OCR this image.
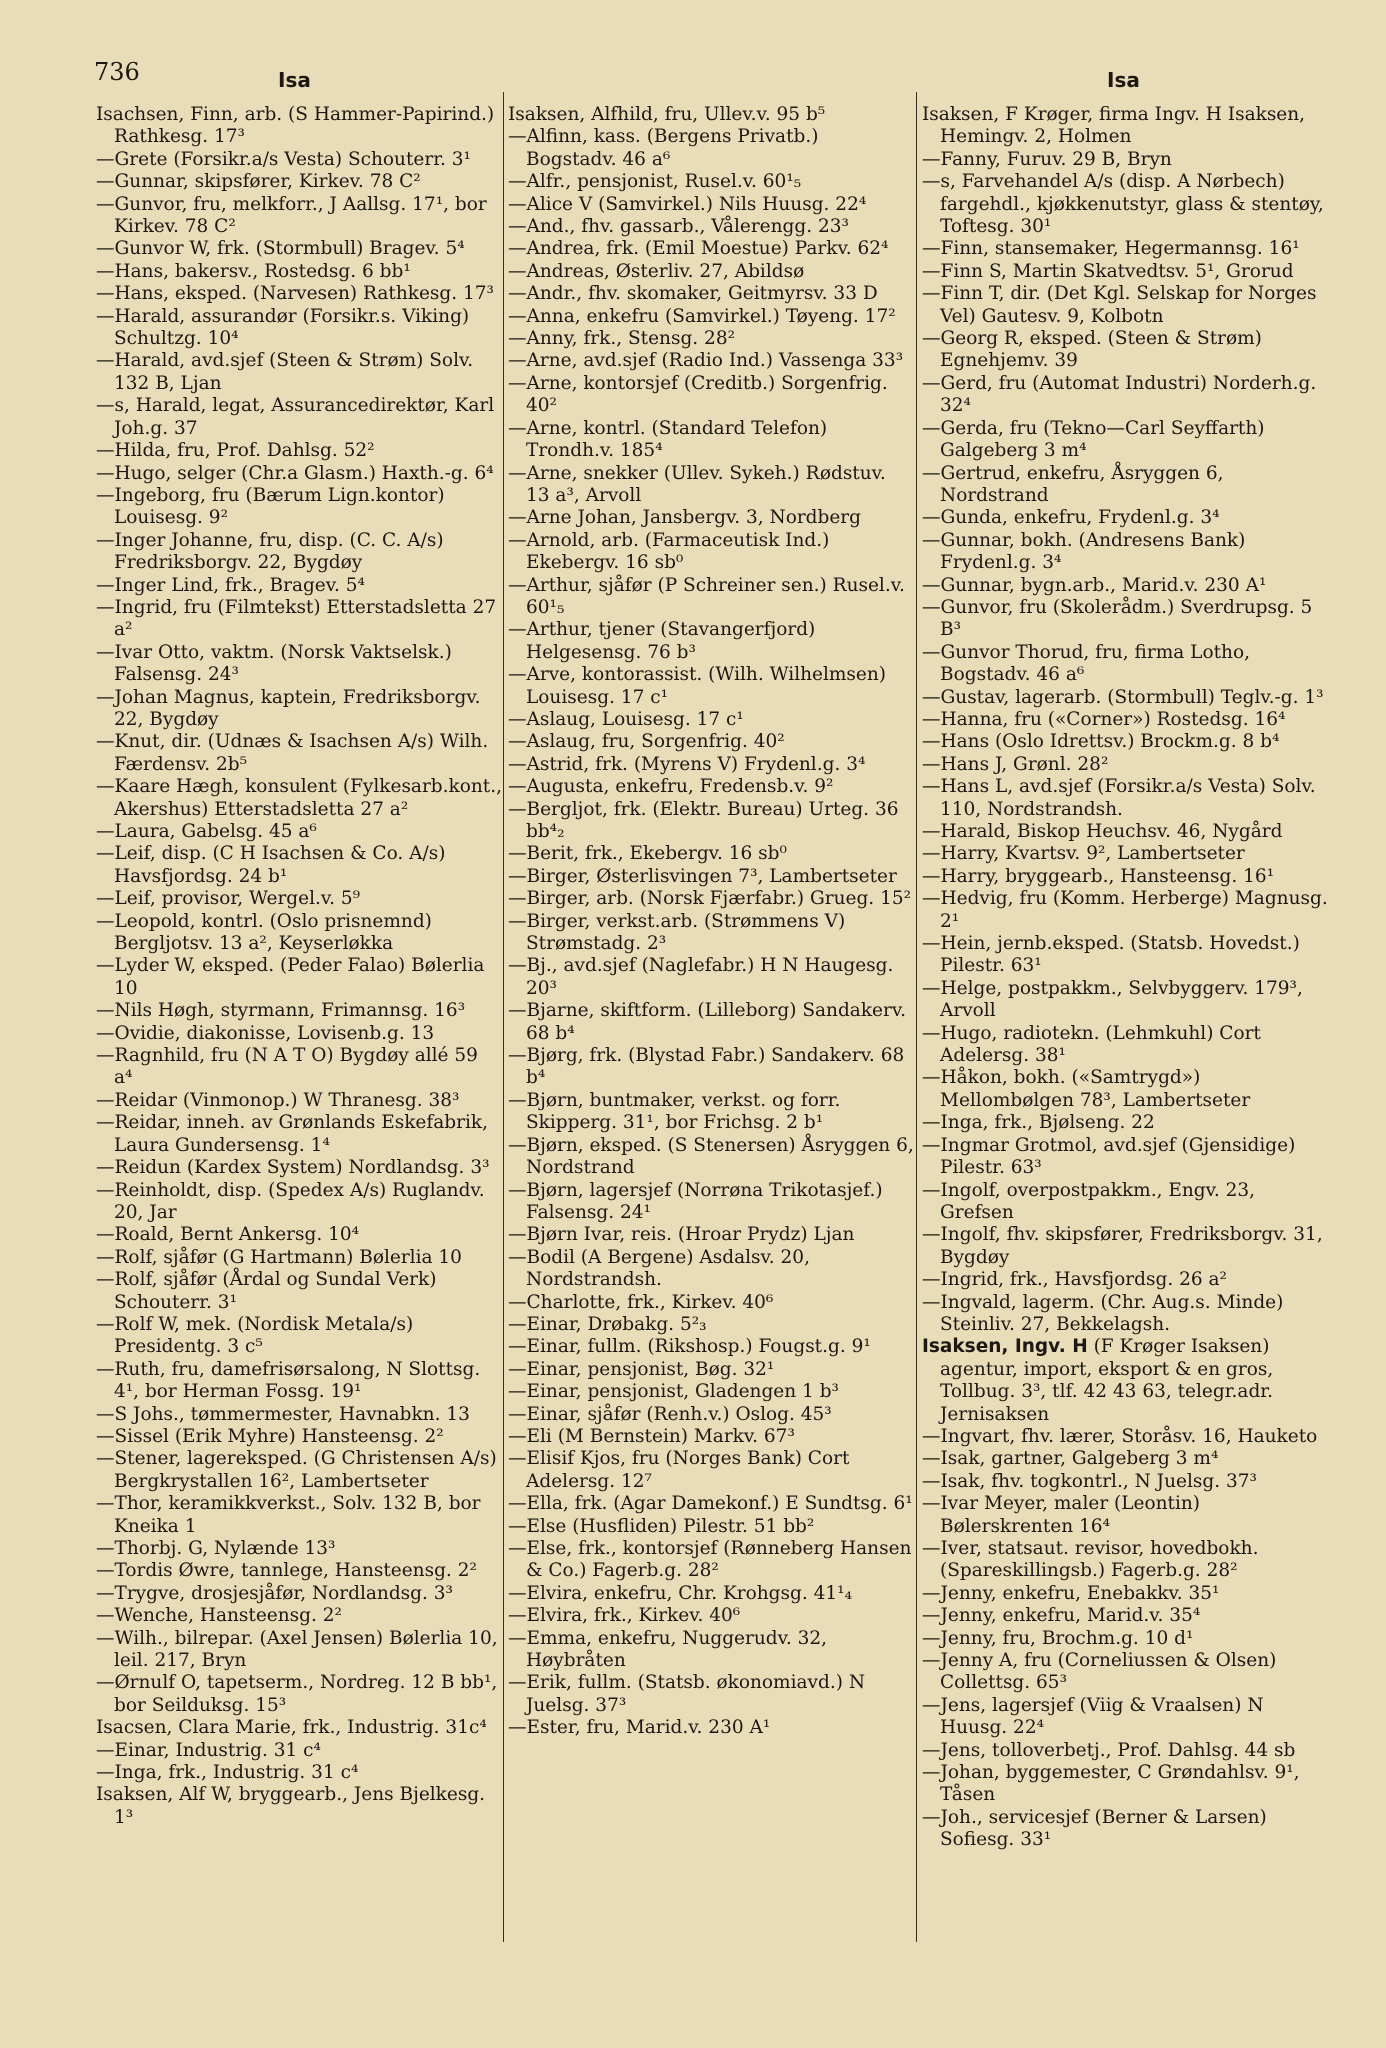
736	Isa	Isa

Isachsen, Finn, arb. (S Hammer-Papirind.) Rathkesg. 17³

—Grete (Forsikr.a/s Vesta) Schouterr. 3¹

—Gunnar, skipsfører, Kirkev. 78 C²

—Gunvor, fru, melkforr., J Aallsg. 17¹, bor Kirkev. 78 C²

—Gunvor W, frk. (Stormbull) Bragev. 5⁴

—Hans, bakersv., Rostedsg. 6 bb¹

—Hans, eksped. (Narvesen) Rathkesg. 17³

—Harald, assurandør (Forsikr.s. Viking) Schultzg. 10⁴

—Harald, avd.sjef (Steen & Strøm) Solv. 132 B, Ljan

—s, Harald, legat, Assurancedirektør, Karl Joh.g. 37

—Hilda, fru, Prof. Dahlsg. 52²

—Hugo, selger (Chr.a Glasm.) Haxth.-g. 6⁴

—Ingeborg, fru (Bærum Lign.kontor) Louisesg. 9²

—Inger Johanne, fru, disp. (C. C. A/s) Fredriksborgv. 22, Bygdøy

—Inger Lind, frk., Bragev. 5⁴

—Ingrid, fru (Filmtekst) Etterstadsletta 27 a²

—Ivar Otto, vaktm. (Norsk Vaktselsk.) Falsensg. 24³

—Johan Magnus, kaptein, Fredriksborgv. 22, Bygdøy

—Knut, dir. (Udnæs & Isachsen A/s) Wilh. Færdensv. 2b⁵

—Kaare Hægh, konsulent (Fylkesarb.kont., Akershus) Etterstadsletta 27 a²

—Laura, Gabelsg. 45 a⁶

—Leif, disp. (C H Isachsen & Co. A/s) Havsfjordsg. 24 b¹

—Leif, provisor, Wergel.v. 5⁹

—Leopold, kontrl. (Oslo prisnemnd) Bergljotsv. 13 a², Keyserløkka

—Lyder W, eksped. (Peder Falao) Bølerlia 10

—Nils Høgh, styrmann, Frimannsg. 16³

—Ovidie, diakonisse, Lovisenb.g. 13

—Ragnhild, fru (N A T O) Bygdøy allé 59 a⁴

—Reidar (Vinmonop.) W Thranesg. 38³

—Reidar, inneh. av Grønlands Eskefabrik, Laura Gundersensg. 1⁴

—Reidun (Kardex System) Nordlandsg. 3³

—Reinholdt, disp. (Spedex A/s) Ruglandv. 20, Jar

—Roald, Bernt Ankersg. 10⁴

—Rolf, sjåfør (G Hartmann) Bølerlia 10

—Rolf, sjåfør (Årdal og Sundal Verk) Schouterr. 3¹

—Rolf W, mek. (Nordisk Metala/s) Presidentg. 3 c⁵

—Ruth, fru, damefrisørsalong, N Slottsg. 4¹, bor Herman Fossg. 19¹

—S Johs., tømmermester, Havnabkn. 13

—Sissel (Erik Myhre) Hansteensg. 2²

—Stener, lagereksped. (G Christensen A/s) Bergkrystallen 16², Lambertseter

—Thor, keramikkverkst., Solv. 132 B, bor Kneika 1

—Thorbj. G, Nylænde 13³

—Tordis Øwre, tannlege, Hansteensg. 2²

—Trygve, drosjesjåfør, Nordlandsg. 3³

—Wenche, Hansteensg. 2²

—Wilh., bilrepar. (Axel Jensen) Bølerlia 10, leil. 217, Bryn

—Ørnulf O, tapetserm., Nordreg. 12 B bb¹, bor Seilduksg. 15³

Isacsen, Clara Marie, frk., Industrig. 31c⁴

—Einar, Industrig. 31 c⁴

—Inga, frk., Industrig. 31 c⁴

Isaksen, Alf W, bryggearb., Jens Bjelkesg. 1³

Isaksen, Alfhild, fru, Ullev.v. 95 b⁵

—Alfinn, kass. (Bergens Privatb.) Bogstadv. 46 a⁶

—Alfr., pensjonist, Rusel.v. 60¹₅

—Alice V (Samvirkel.) Nils Huusg. 22⁴

—And., fhv. gassarb., Vålerengg. 23³

—Andrea, frk. (Emil Moestue) Parkv. 62⁴

—Andreas, Østerliv. 27, Abildsø

—Andr., fhv. skomaker, Geitmyrsv. 33 D

—Anna, enkefru (Samvirkel.) Tøyeng. 17²

—Anny, frk., Stensg. 28²

—Arne, avd.sjef (Radio Ind.) Vassenga 33³

—Arne, kontorsjef (Creditb.) Sorgenfrig. 40²

—Arne, kontrl. (Standard Telefon) Trondh.v. 185⁴

—Arne, snekker (Ullev. Sykeh.) Rødstuv. 13 a³, Arvoll

—Arne Johan, Jansbergv. 3, Nordberg

—Arnold, arb. (Farmaceutisk Ind.) Ekebergv. 16 sb⁰

—Arthur, sjåfør (P Schreiner sen.) Rusel.v. 60¹₅

—Arthur, tjener (Stavangerfjord) Helgesensg. 76 b³

—Arve, kontorassist. (Wilh. Wilhelmsen) Louisesg. 17 c¹

—Aslaug, Louisesg. 17 c¹

—Aslaug, fru, Sorgenfrig. 40²

—Astrid, frk. (Myrens V) Frydenl.g. 3⁴

—Augusta, enkefru, Fredensb.v. 9²

—Bergljot, frk. (Elektr. Bureau) Urteg. 36 bb⁴₂

—Berit, frk., Ekebergv. 16 sb⁰

—Birger, Østerlisvingen 7³, Lambertseter

—Birger, arb. (Norsk Fjærfabr.) Grueg. 15²

—Birger, verkst.arb. (Strømmens V) Strømstadg. 2³

—Bj., avd.sjef (Naglefabr.) H N Haugesg. 20³

—Bjarne, skiftform. (Lilleborg) Sandakerv. 68 b⁴

—Bjørg, frk. (Blystad Fabr.) Sandakerv. 68 b⁴

—Bjørn, buntmaker, verkst. og forr. Skipperg. 31¹, bor Frichsg. 2 b¹

—Bjørn, eksped. (S Stenersen) Åsryggen 6, Nordstrand

—Bjørn, lagersjef (Norrøna Trikotasjef.) Falsensg. 24¹

—Bjørn Ivar, reis. (Hroar Prydz) Ljan

—Bodil (A Bergene) Asdalsv. 20, Nordstrandsh.

—Charlotte, frk., Kirkev. 40⁶

—Einar, Drøbakg. 5²₃

—Einar, fullm. (Rikshosp.) Fougst.g. 9¹

—Einar, pensjonist, Bøg. 32¹

—Einar, pensjonist, Gladengen 1 b³

—Einar, sjåfør (Renh.v.) Oslog. 45³

—Eli (M Bernstein) Markv. 67³

—Elisif Kjos, fru (Norges Bank) Cort Adelersg. 12⁷

—Ella, frk. (Agar Damekonf.) E Sundtsg. 6¹

—Else (Husfliden) Pilestr. 51 bb²

—Else, frk., kontorsjef (Rønneberg Hansen & Co.) Fagerb.g. 28²

—Elvira, enkefru, Chr. Krohgsg. 41¹₄

—Elvira, frk., Kirkev. 40⁶

—Emma, enkefru, Nuggerudv. 32, Høybråten

—Erik, fullm. (Statsb. økonomiavd.) N Juelsg. 37³

—Ester, fru, Marid.v. 230 A¹

Isaksen, F Krøger, firma Ingv. H Isaksen, Hemingv. 2, Holmen

—Fanny, Furuv. 29 B, Bryn

—s, Farvehandel A/s (disp. A Nørbech) fargehdl., kjøkkenutstyr, glass & stentøy, Toftesg. 30¹

—Finn, stansemaker, Hegermannsg. 16¹

—Finn S, Martin Skatvedtsv. 5¹, Grorud

—Finn T, dir. (Det Kgl. Selskap for Norges Vel) Gautesv. 9, Kolbotn

—Georg R, eksped. (Steen & Strøm) Egnehjemv. 39

—Gerd, fru (Automat Industri) Norderh.g. 32⁴

—Gerda, fru (Tekno—Carl Seyffarth) Galgeberg 3 m⁴

—Gertrud, enkefru, Åsryggen 6, Nordstrand

—Gunda, enkefru, Frydenl.g. 3⁴

—Gunnar, bokh. (Andresens Bank) Frydenl.g. 3⁴

—Gunnar, bygn.arb., Marid.v. 230 A¹

—Gunvor, fru (Skolerådm.) Sverdrupsg. 5 B³

—Gunvor Thorud, fru, firma Lotho, Bogstadv. 46 a⁶

—Gustav, lagerarb. (Stormbull) Teglv.-g. 1³

—Hanna, fru («Corner») Rostedsg. 16⁴

—Hans (Oslo Idrettsv.) Brockm.g. 8 b⁴

—Hans J, Grønl. 28²

—Hans L, avd.sjef (Forsikr.a/s Vesta) Solv. 110, Nordstrandsh.

—Harald, Biskop Heuchsv. 46, Nygård

—Harry, Kvartsv. 9², Lambertseter

—Harry, bryggearb., Hansteensg. 16¹

—Hedvig, fru (Komm. Herberge) Magnusg. 2¹

—Hein, jernb.eksped. (Statsb. Hovedst.) Pilestr. 63¹

—Helge, postpakkm., Selvbyggerv. 179³, Arvoll

—Hugo, radiotekn. (Lehmkuhl) Cort Adelersg. 38¹

—Håkon, bokh. («Samtrygd») Mellombølgen 78³, Lambertseter

—Inga, frk., Bjølseng. 22

—Ingmar Grotmol, avd.sjef (Gjensidige) Pilestr. 63³

—Ingolf, overpostpakkm., Engv. 23, Grefsen

—Ingolf, fhv. skipsfører, Fredriksborgv. 31, Bygdøy

—Ingrid, frk., Havsfjordsg. 26 a²

—Ingvald, lagerm. (Chr. Aug.s. Minde) Steinliv. 27, Bekkelagsh.

Isaksen, Ingv. H (F Krøger Isaksen) agentur, import, eksport & en gros, Tollbug. 3³, tlf. 42 43 63, telegr.adr. Jernisaksen

—Ingvart, fhv. lærer, Storåsv. 16, Hauketo

—Isak, gartner, Galgeberg 3 m⁴

—Isak, fhv. togkontrl., N Juelsg. 37³

—Ivar Meyer, maler (Leontin) Bølerskrenten 16⁴

—Iver, statsaut. revisor, hovedbokh. (Spareskillingsb.) Fagerb.g. 28²

—Jenny, enkefru, Enebakkv. 35¹

—Jenny, enkefru, Marid.v. 35⁴

—Jenny, fru, Brochm.g. 10 d¹

—Jenny A, fru (Corneliussen & Olsen) Collettsg. 65³

—Jens, lagersjef (Viig & Vraalsen) N Huusg. 22⁴

—Jens, tolloverbetj., Prof. Dahlsg. 44 sb

—Johan, byggemester, C Grøndahlsv. 9¹, Tåsen

—Joh., servicesjef (Berner & Larsen) Sofiesg. 33¹
